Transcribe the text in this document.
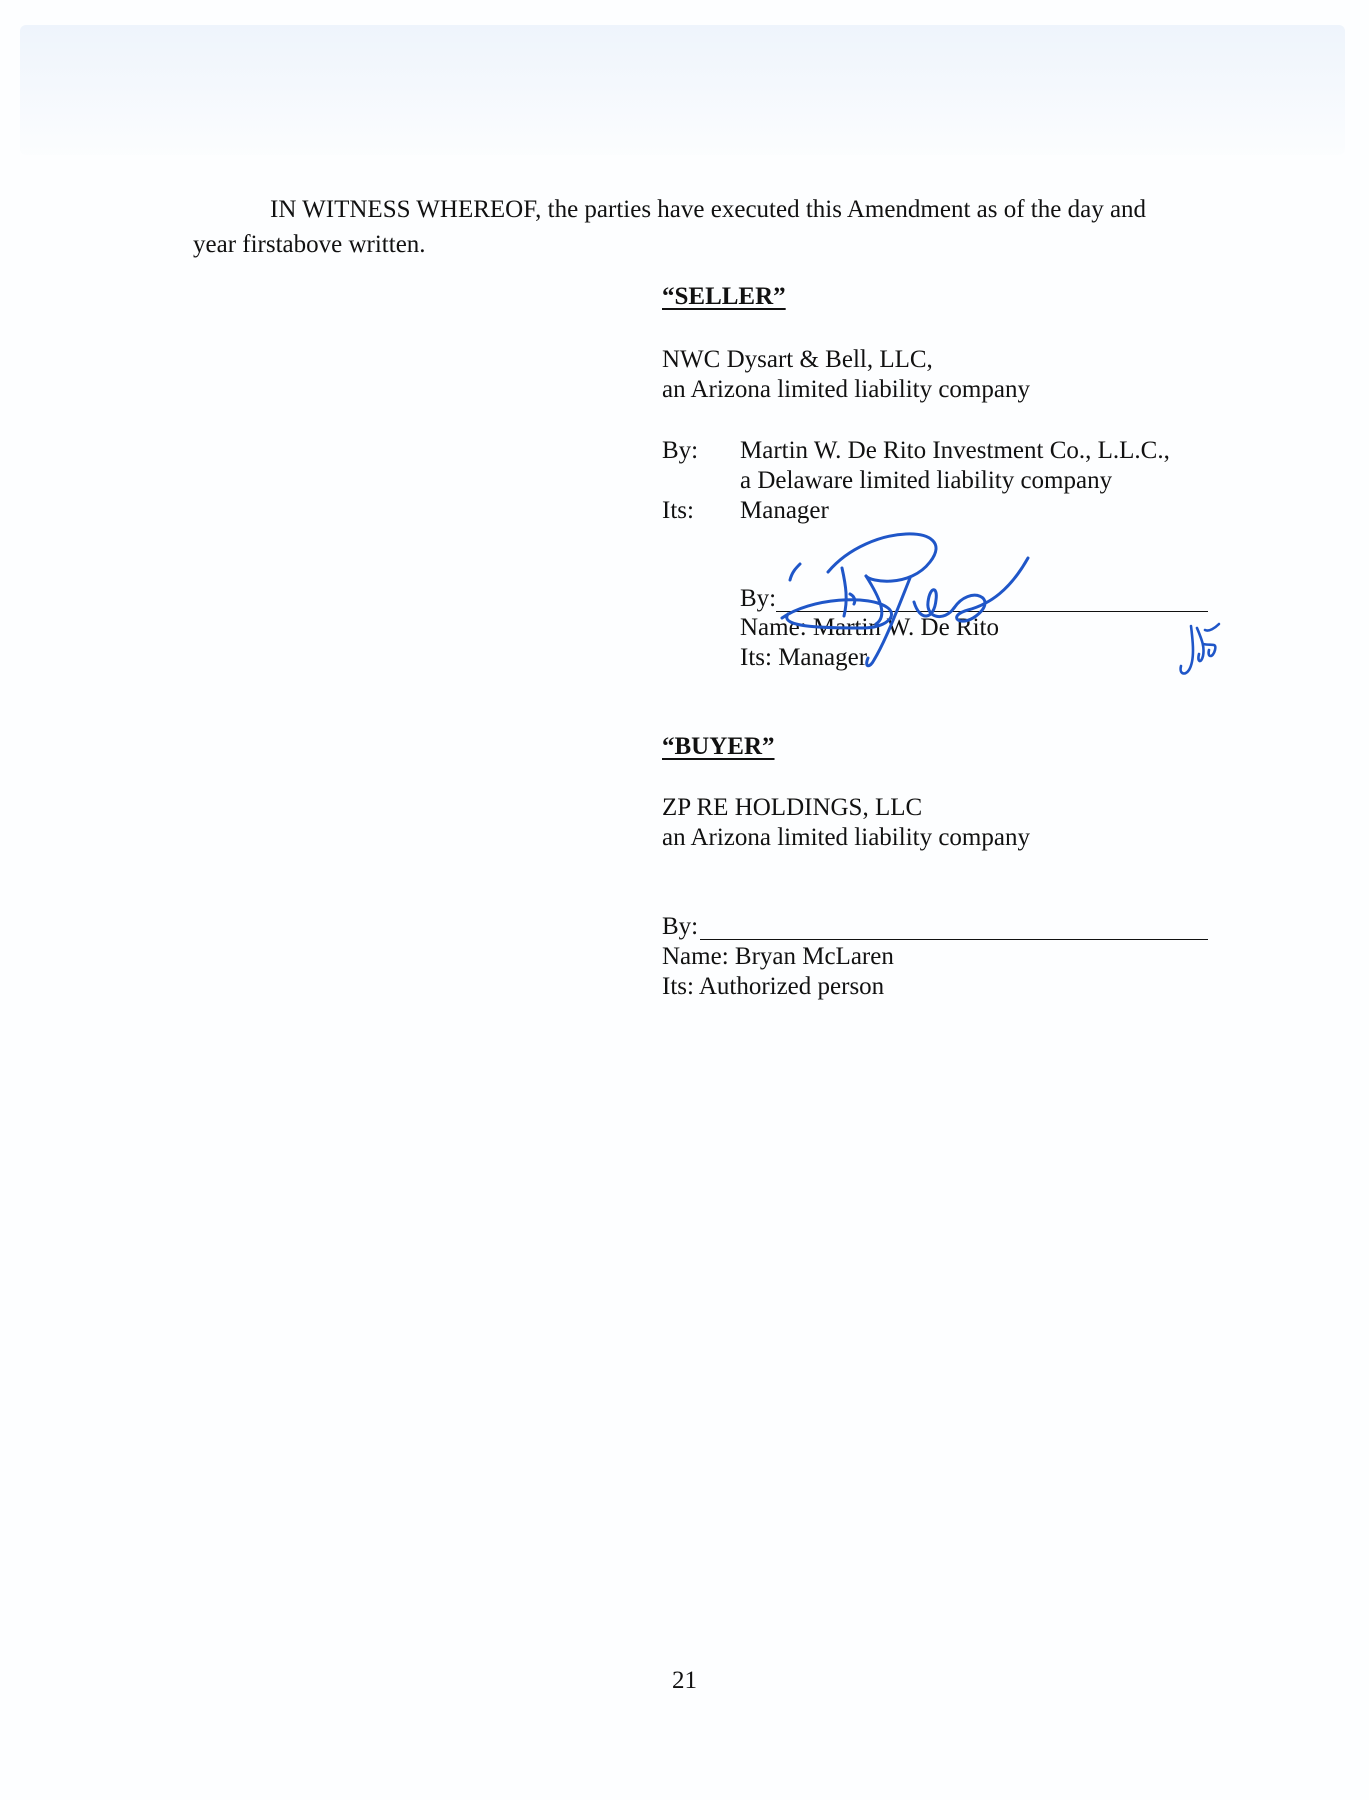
IN WITNESS WHEREOF, the parties have executed this Amendment as of the day and
year firstabove written.

“SELLER”

NWC Dysart & Bell, LLC,
an Arizona limited liability company
By: Martin W. De Rito Investment Co., L.L.C.,
a Delaware limited liability company
Its: Manager
By:
Name: Martin W. De Rito
Its: Manager

“BUYER”

ZP RE HOLDINGS, LLC
an Arizona limited liability company
By:
Name: Bryan McLaren
Its: Authorized person
21
